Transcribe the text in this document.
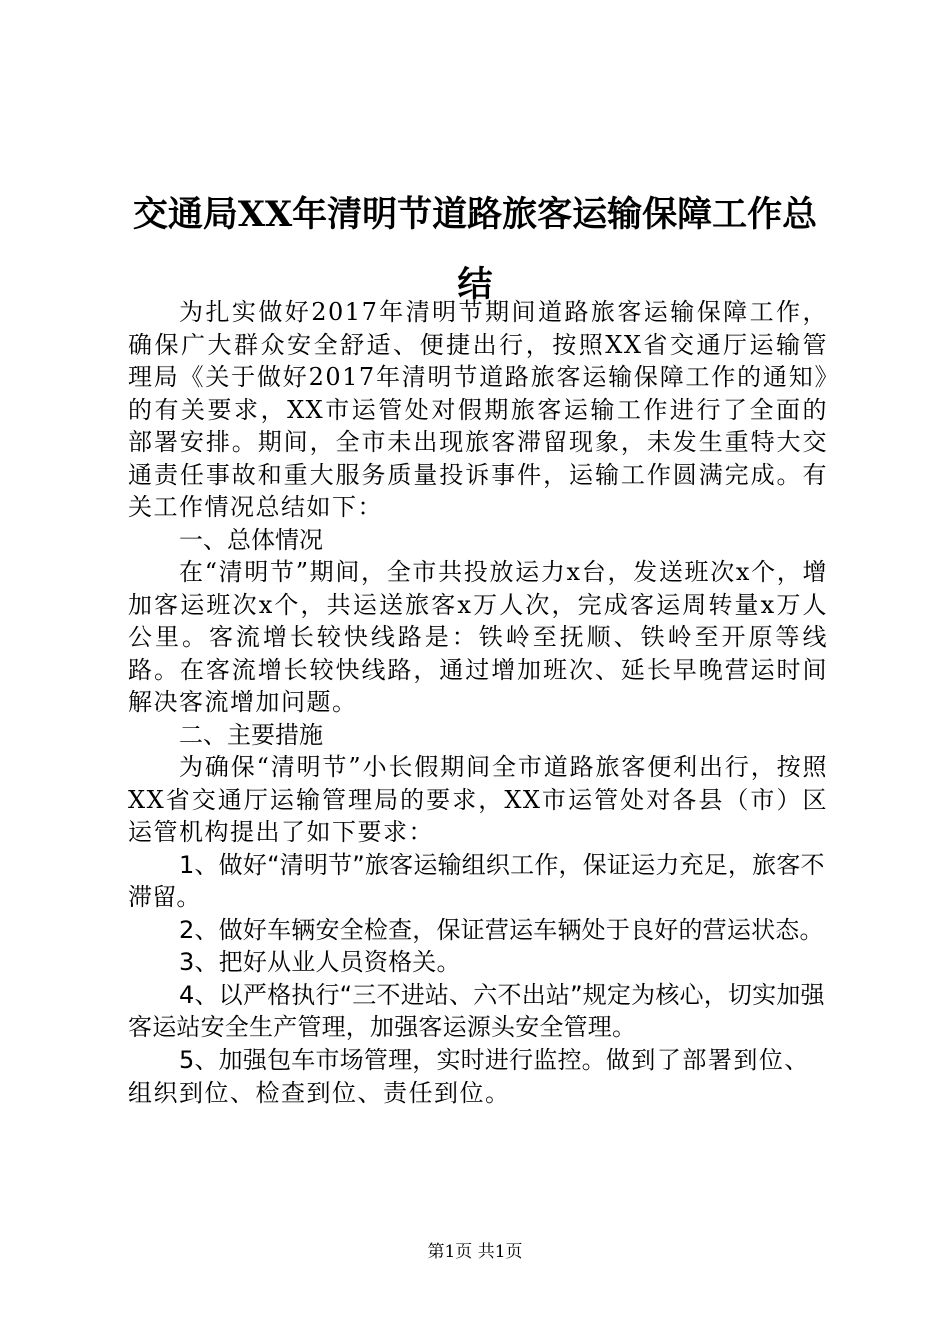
交通局XX年清明节道路旅客运输保障工作总
结

为扎实做好2017年清明节期间道路旅客运输保障工作，确保广大群众安全舒适、便捷出行，按照XX省交通厅运输管理局《关于做好2017年清明节道路旅客运输保障工作的通知》的有关要求，XX市运管处对假期旅客运输工作进行了全面的部署安排。期间，全市未出现旅客滞留现象，未发生重特大交通责任事故和重大服务质量投诉事件，运输工作圆满完成。有关工作情况总结如下：

一、总体情况

在“清明节”期间，全市共投放运力x台，发送班次x个，增加客运班次x个，共运送旅客x万人次，完成客运周转量x万人公里。客流增长较快线路是：铁岭至抚顺、铁岭至开原等线路。在客流增长较快线路，通过增加班次、延长早晚营运时间解决客流增加问题。

二、主要措施

为确保“清明节”小长假期间全市道路旅客便利出行，按照XX省交通厅运输管理局的要求，XX市运管处对各县（市）区运管机构提出了如下要求：

1、做好“清明节”旅客运输组织工作，保证运力充足，旅客不滞留。

2、做好车辆安全检查，保证营运车辆处于良好的营运状态。

3、把好从业人员资格关。

4、以严格执行“三不进站、六不出站”规定为核心，切实加强客运站安全生产管理，加强客运源头安全管理。

5、加强包车市场管理，实时进行监控。做到了部署到位、组织到位、检查到位、责任到位。

第1页 共1页
